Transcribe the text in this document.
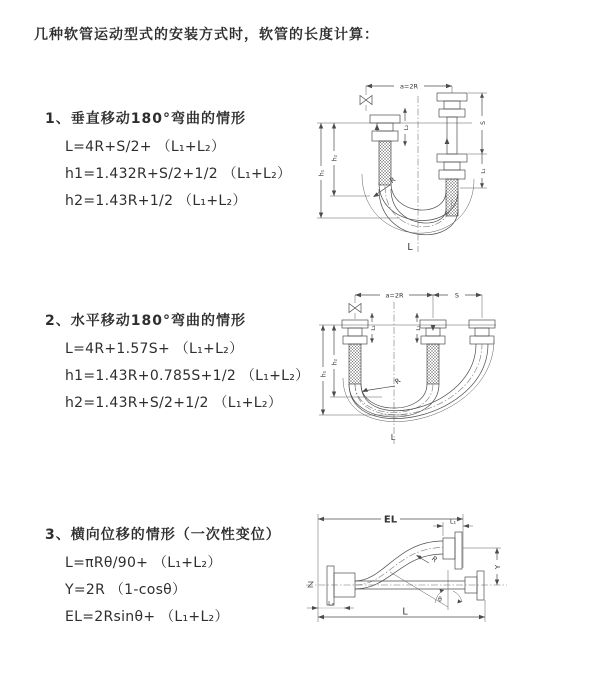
几种软管运动型式的安装方式时，软管的长度计算：
1、垂直移动180°弯曲的情形
L=4R+S/2+ （L₁+L₂）
h1=1.432R+S/2+1/2 （L₁+L₂）
h2=1.43R+1/2 （L₁+L₂）
2、水平移动180°弯曲的情形
L=4R+1.57S+ （L₁+L₂）
h1=1.43R+0.785S+1/2 （L₁+L₂）
h2=1.43R+S/2+1/2 （L₁+L₂）
3、横向位移的情形（一次性变位）
L=πRθ/90+ （L₁+L₂）
Y=2R （1-cosθ）
EL=2Rsinθ+ （L₁+L₂）
a=2R
h₁
h₂
L₂
S
L₁
R
L
a=2R	S
h₁
h₂
L₂	L₁
R
L
EL	L₁
Y
θ
R
L₂
L
